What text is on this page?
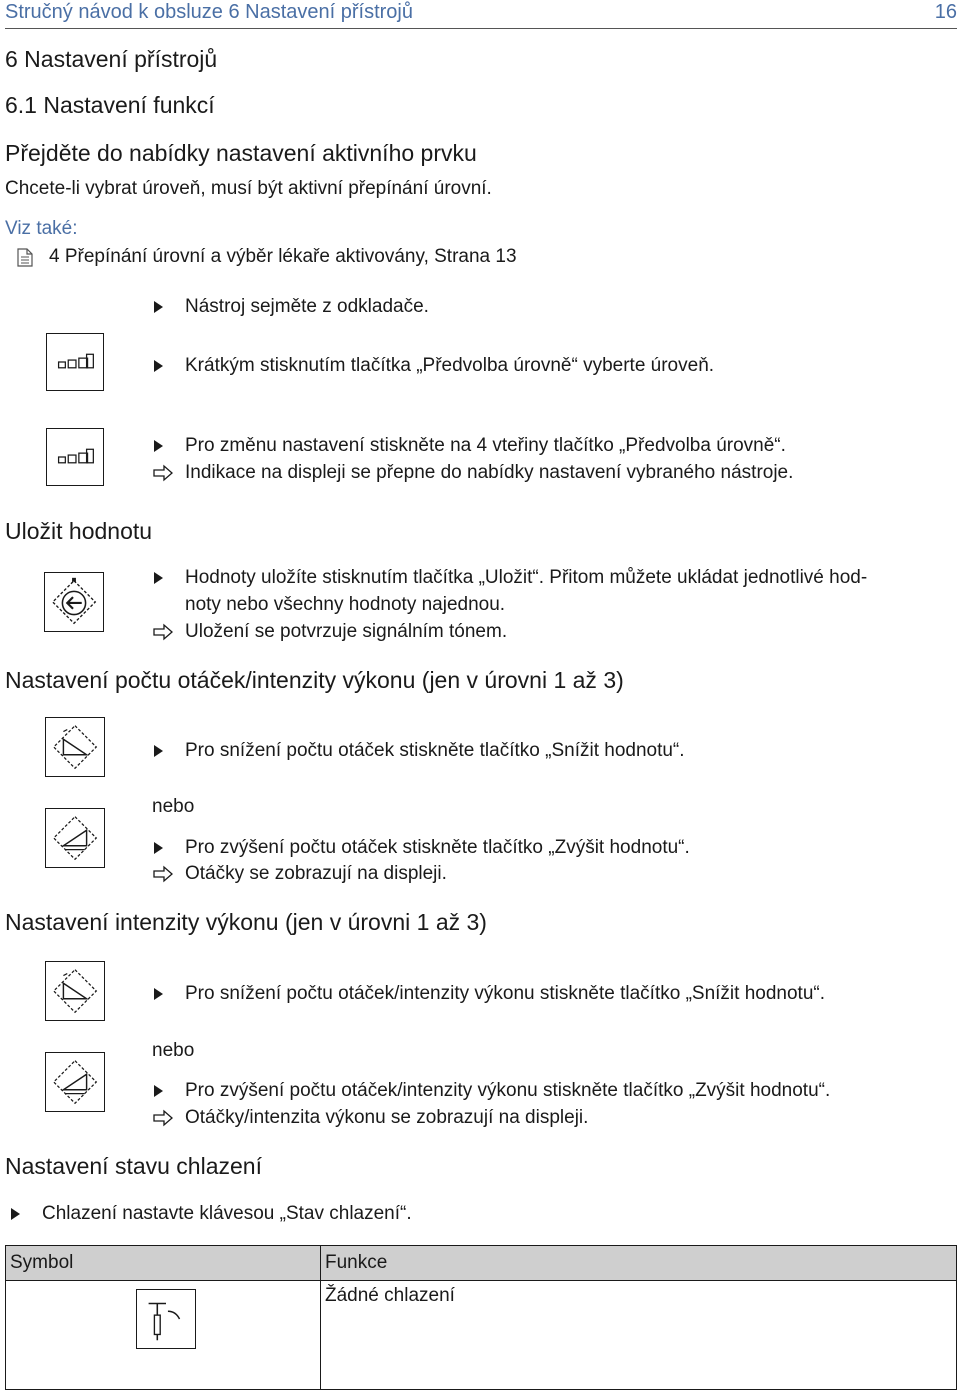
Stručný návod k obsluze 6 Nastavení přístrojů	16
6 Nastavení přístrojů
6.1 Nastavení funkcí
Přejděte do nabídky nastavení aktivního prvku
Chcete-li vybrat úroveň, musí být aktivní přepínání úrovní.
Viz také:
4 Přepínání úrovní a výběr lékaře aktivovány, Strana 13
Nástroj sejměte z odkladače.
Krátkým stisknutím tlačítka „Předvolba úrovně“ vyberte úroveň.
Pro změnu nastavení stiskněte na 4 vteřiny tlačítko „Předvolba úrovně“.
Indikace na displeji se přepne do nabídky nastavení vybraného nástroje.
Uložit hodnotu
Hodnoty uložíte stisknutím tlačítka „Uložit“. Přitom můžete ukládat jednotlivé hod-
noty nebo všechny hodnoty najednou.
Uložení se potvrzuje signálním tónem.
Nastavení počtu otáček/intenzity výkonu (jen v úrovni 1 až 3)
Pro snížení počtu otáček stiskněte tlačítko „Snížit hodnotu“.
nebo
Pro zvýšení počtu otáček stiskněte tlačítko „Zvýšit hodnotu“.
Otáčky se zobrazují na displeji.
Nastavení intenzity výkonu (jen v úrovni 1 až 3)
Pro snížení počtu otáček/intenzity výkonu stiskněte tlačítko „Snížit hodnotu“.
nebo
Pro zvýšení počtu otáček/intenzity výkonu stiskněte tlačítko „Zvýšit hodnotu“.
Otáčky/intenzita výkonu se zobrazují na displeji.
Nastavení stavu chlazení
Chlazení nastavte klávesou „Stav chlazení“.
Symbol	Funkce

	Žádné chlazení
